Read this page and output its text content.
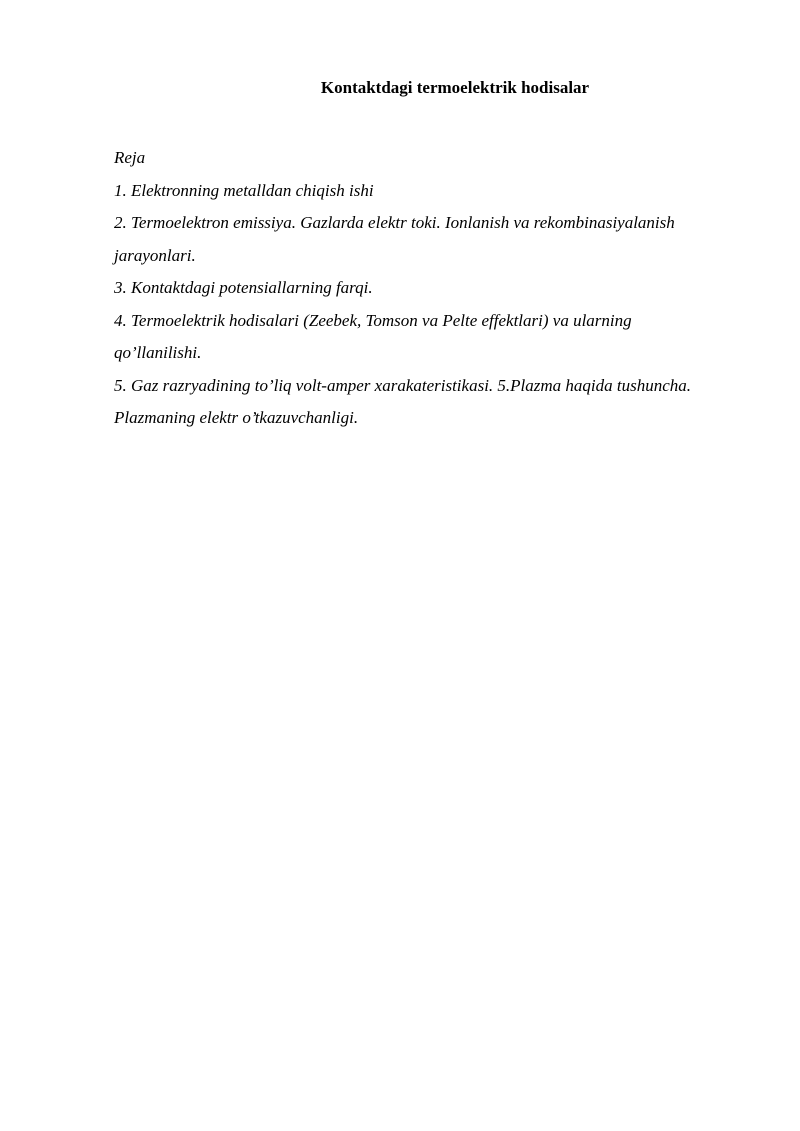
Kontaktdagi termoelektrik hodisalar
Reja
1. Elektronning metalldan chiqish ishi
2. Termoelektron emissiya. Gazlarda elektr toki. Ionlanish va rekombinasiyalanish
jarayonlari.
3. Kontaktdagi potensiallarning farqi.
4. Termoelektrik hodisalari (Zeebek, Tomson va Pelte effektlari) va ularning
qo’llanilishi.
5. Gaz razryadining to’liq volt-amper xarakateristikasi. 5.Plazma haqida tushuncha.
Plazmaning elektr o’tkazuvchanligi.
